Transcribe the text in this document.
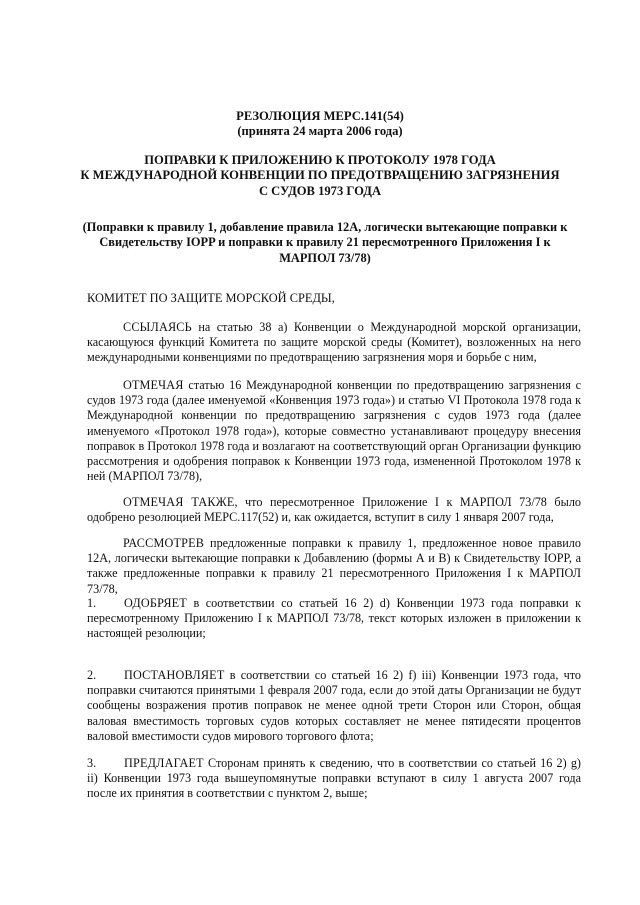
РЕЗОЛЮЦИЯ МЕРС.141(54)
(принята 24 марта 2006 года)

ПОПРАВКИ К ПРИЛОЖЕНИЮ К ПРОТОКОЛУ 1978 ГОДА
К МЕЖДУНАРОДНОЙ КОНВЕНЦИИ ПО ПРЕДОТВРАЩЕНИЮ ЗАГРЯЗНЕНИЯ
С СУДОВ 1973 ГОДА

(Поправки к правилу 1, добавление правила 12А, логически вытекающие поправки к
Свидетельству IOPP и поправки к правилу 21 пересмотренного Приложения I к
МАРПОЛ 73/78)

КОМИТЕТ ПО ЗАЩИТЕ МОРСКОЙ СРЕДЫ,

ССЫЛАЯСЬ на статью 38 а) Конвенции о Международной морской организации, касающуюся функций Комитета по защите морской среды (Комитет), возложенных на него международными конвенциями по предотвращению загрязнения моря и борьбе с ним,

ОТМЕЧАЯ статью 16 Международной конвенции по предотвращению загрязнения с судов 1973 года (далее именуемой «Конвенция 1973 года») и статью VI Протокола 1978 года к Международной конвенции по предотвращению загрязнения с судов 1973 года (далее именуемого «Протокол 1978 года»), которые совместно устанавливают процедуру внесения поправок в Протокол 1978 года и возлагают на соответствующий орган Организации функцию рассмотрения и одобрения поправок к Конвенции 1973 года, измененной Протоколом 1978 к ней (МАРПОЛ 73/78),

ОТМЕЧАЯ ТАКЖЕ, что пересмотренное Приложение I к МАРПОЛ 73/78 было одобрено резолюцией МЕРС.117(52) и, как ожидается, вступит в силу 1 января 2007 года,

РАССМОТРЕВ предложенные поправки к правилу 1, предложенное новое правило 12А, логически вытекающие поправки к Добавлению (формы А и В) к Свидетельству IOPP, а также предложенные поправки к правилу 21 пересмотренного Приложения I к МАРПОЛ 73/78,

1. ОДОБРЯЕТ в соответствии со статьей 16 2) d) Конвенции 1973 года поправки к пересмотренному Приложению I к МАРПОЛ 73/78, текст которых изложен в приложении к настоящей резолюции;

2. ПОСТАНОВЛЯЕТ в соответствии со статьей 16 2) f) iii) Конвенции 1973 года, что поправки считаются принятыми 1 февраля 2007 года, если до этой даты Организации не будут сообщены возражения против поправок не менее одной трети Сторон или Сторон, общая валовая вместимость торговых судов которых составляет не менее пятидесяти процентов валовой вместимости судов мирового торгового флота;

3. ПРЕДЛАГАЕТ Сторонам принять к сведению, что в соответствии со статьей 16 2) g) ii) Конвенции 1973 года вышеупомянутые поправки вступают в силу 1 августа 2007 года после их принятия в соответствии с пунктом 2, выше;
